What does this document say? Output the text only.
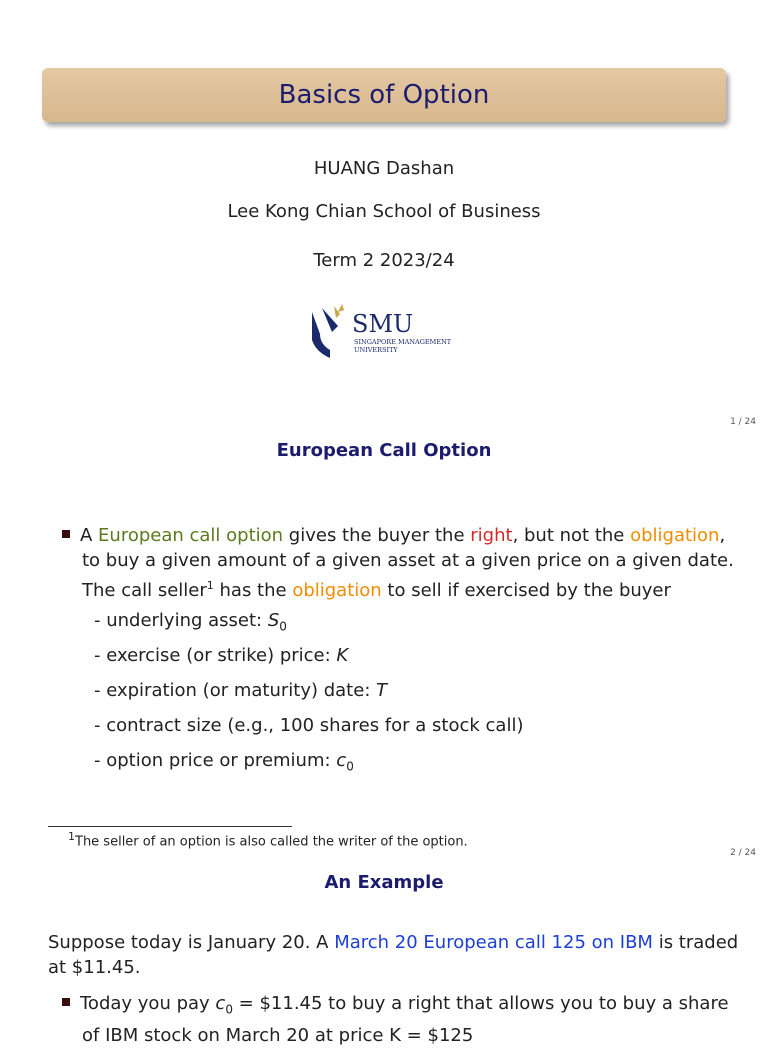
Basics of Option
HUANG Dashan
Lee Kong Chian School of Business
Term 2 2023/24
SMU
SINGAPORE MANAGEMENT
UNIVERSITY
1 / 24
European Call Option
A European call option gives the buyer the right, but not the obligation,
to buy a given amount of a given asset at a given price on a given date.
The call seller$^1$ has the obligation to sell if exercised by the buyer
- underlying asset: $S_0$
- exercise (or strike) price: K
- expiration (or maturity) date: T
- contract size (e.g., 100 shares for a stock call)
- option price or premium: $c_0$
$^1$The seller of an option is also called the writer of the option.
2 / 24
An Example
Suppose today is January 20. A March 20 European call 125 on IBM is traded
at $11.45.
Today you pay $c_0$ = $11.45 to buy a right that allows you to buy a share
of IBM stock on March 20 at price K = $125
